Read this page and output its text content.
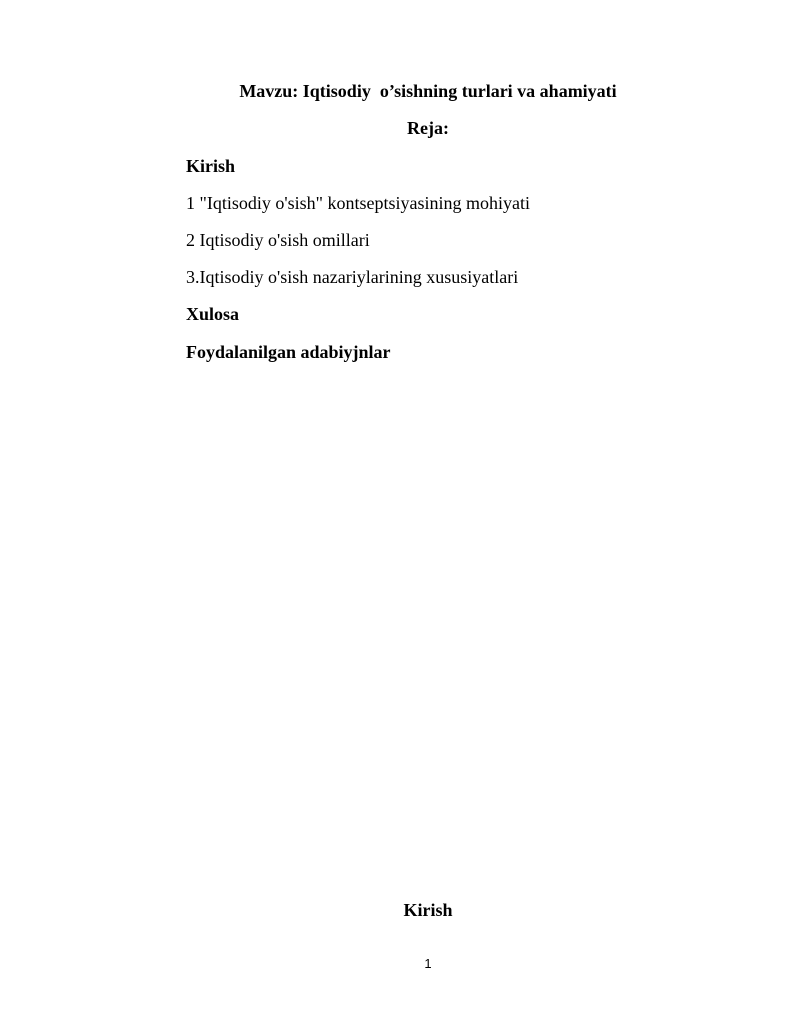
Mavzu: Iqtisodiy  o’sishning turlari va ahamiyati
Reja:
Kirish
1 "Iqtisodiy o'sish" kontseptsiyasining mohiyati
2 Iqtisodiy o'sish omillari
3.Iqtisodiy o'sish nazariylarining xususiyatlari
Xulosa
Foydalanilgan adabiyjnlar
Kirish
1
